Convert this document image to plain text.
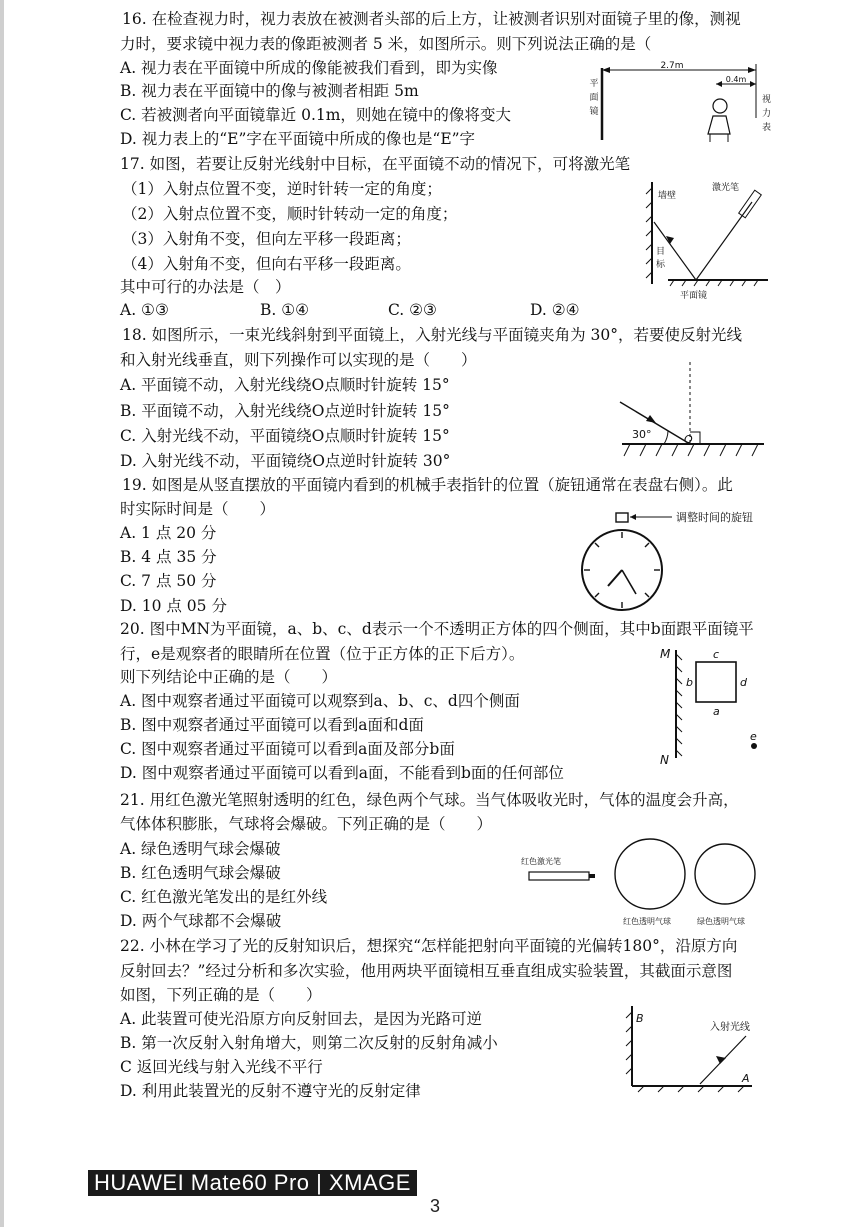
16. 在检查视力时，视力表放在被测者头部的后上方，让被测者识别对面镜子里的像，测视
力时，要求镜中视力表的像距被测者 5 米，如图所示。则下列说法正确的是（
A. 视力表在平面镜中所成的像能被我们看到，即为实像
B. 视力表在平面镜中的像与被测者相距 5m
C. 若被测者向平面镜靠近 0.1m，则她在镜中的像将变大
D. 视力表上的“E”字在平面镜中所成的像也是“E”字
2.7m
0.4m
平
面
镜
视
力
表
17. 如图，若要让反射光线射中目标，在平面镜不动的情况下，可将激光笔
（1）入射点位置不变，逆时针转一定的角度；
（2）入射点位置不变，顺时针转动一定的角度；
（3）入射角不变，但向左平移一段距离；
（4）入射角不变，但向右平移一段距离。
其中可行的办法是（　）
A. ①③	B. ①④	C. ②③	D. ②④
墙壁
激光笔
目
标
平面镜
18. 如图所示，一束光线斜射到平面镜上，入射光线与平面镜夹角为 30°，若要使反射光线
和入射光线垂直，则下列操作可以实现的是（　　）
A. 平面镜不动，入射光线绕O点顺时针旋转 15°
B. 平面镜不动，入射光线绕O点逆时针旋转 15°
C. 入射光线不动，平面镜绕O点顺时针旋转 15°
D. 入射光线不动，平面镜绕O点逆时针旋转 30°
30°	O
19. 如图是从竖直摆放的平面镜内看到的机械手表指针的位置（旋钮通常在表盘右侧）。此
时实际时间是（　　）
A. 1 点 20 分
B. 4 点 35 分
C. 7 点 50 分
D. 10 点 05 分
调整时间的旋钮
20. 图中MN为平面镜，a、b、c、d表示一个不透明正方体的四个侧面，其中b面跟平面镜平
行，e是观察者的眼睛所在位置（位于正方体的正下后方）。
则下列结论中正确的是（　　）
A. 图中观察者通过平面镜可以观察到a、b、c、d四个侧面
B. 图中观察者通过平面镜可以看到a面和d面
C. 图中观察者通过平面镜可以看到a面及部分b面
D. 图中观察者通过平面镜可以看到a面，不能看到b面的任何部位
M
N
c
b	d
a
e
21. 用红色激光笔照射透明的红色，绿色两个气球。当气体吸收光时，气体的温度会升高，
气体体积膨胀，气球将会爆破。下列正确的是（　　）
A. 绿色透明气球会爆破
B. 红色透明气球会爆破
C. 红色激光笔发出的是红外线
D. 两个气球都不会爆破
红色激光笔
红色透明气球	绿色透明气球
22. 小林在学习了光的反射知识后，想探究“怎样能把射向平面镜的光偏转180°，沿原方向
反射回去？”经过分析和多次实验，他用两块平面镜相互垂直组成实验装置，其截面示意图
如图，下列正确的是（　　）
A. 此装置可使光沿原方向反射回去，是因为光路可逆
B. 第一次反射入射角增大，则第二次反射的反射角减小
C 返回光线与射入光线不平行
D. 利用此装置光的反射不遵守光的反射定律
B
A
入射光线
HUAWEI Mate60 Pro | XMAGE
3
